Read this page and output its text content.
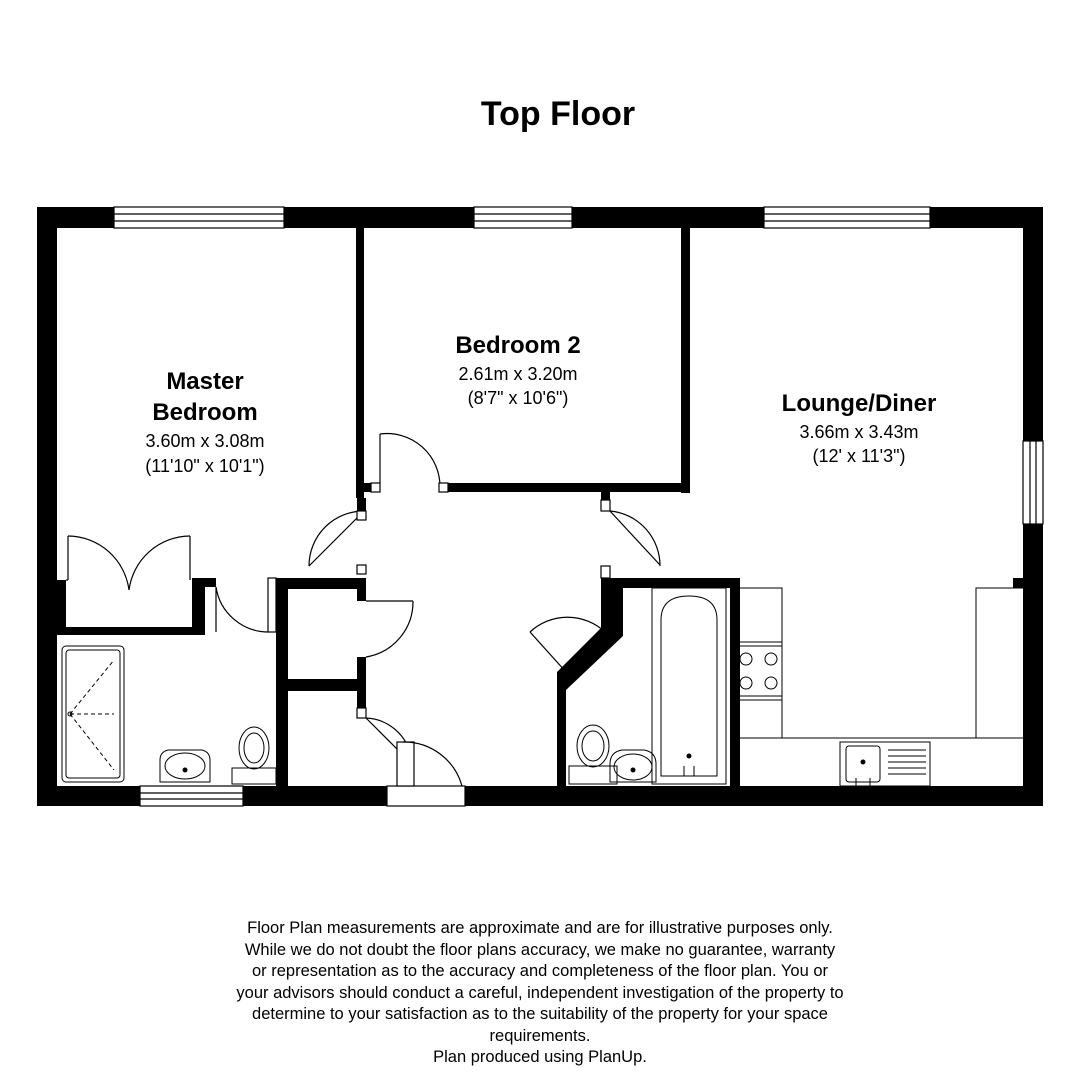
Top Floor
Master
Bedroom
3.60m x 3.08m
(11'10" x 10'1")
Bedroom 2
2.61m x 3.20m
(8'7" x 10'6")	Lounge/Diner
3.66m x 3.43m
(12' x 11'3")

Floor Plan measurements are approximate and are for illustrative purposes only.
While we do not doubt the floor plans accuracy, we make no guarantee, warranty
or representation as to the accuracy and completeness of the floor plan. You or
your advisors should conduct a careful, independent investigation of the property to
determine to your satisfaction as to the suitability of the property for your space
requirements.
Plan produced using PlanUp.
